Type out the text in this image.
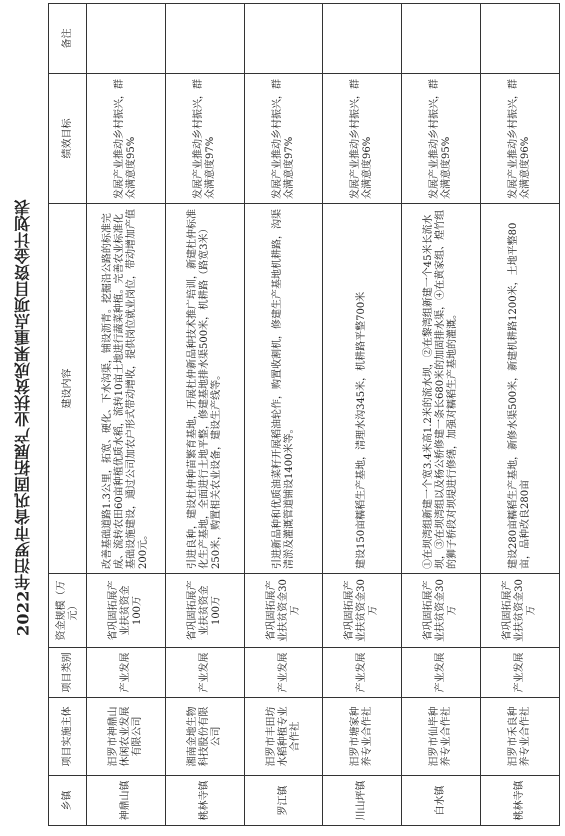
2022年汨罗市省巩固拓展产业扶贫成果重点项目资金计划表
乡镇	项目实施主体	项目类别	资金规模（万元）	建设内容	绩效目标	备注
神鼎山镇	汨罗市神鼎山休闲农业发展有限公司	产业发展	省巩固拓展产业扶贫资金100万	改善基础道路1.3公里，拓宽、硬化、下水沟渠，铺设沥青。挖掘沿公路的标准完成、流转农田60亩种植优质水稻，流转10亩土地进行蔬菜种植。完善农业标准化基础设施建设，通过公司加农户形式带动增收，提供岗位就业岗位，带动增加产值200元。	发展产业推动乡村振兴，群众满意度95%	
桃林寺镇	湘南金地生物科技股份有限公司	产业发展	省巩固拓展产业扶贫资金100万	引进良种，建设杜仲种苗繁育基地，开展杜仲新品种技术推广培训，新建杜仲标准化生产基地，全面进行土地平整，修建基地排水渠500米，机耕路（路宽3米）250米，购置相关农业设备，建设生产线等。	发展产业推动乡村振兴，群众满意度97%	
罗江镇	汨罗市丰田坊水稻种植专业合作社	产业发展	省巩固拓展产业扶贫资金30万	引进新品种和优质油菜籽开展稻油轮作，购置收割机，修建生产基地机耕路，沟渠清淤及灌溉管道铺设1400米等。	发展产业推动乡村振兴，群众满意度97%	
川山坪镇	汨罗市塘家种养专业合作社	产业发展	省巩固拓展产业扶贫资金30万	建设150亩糯稻生产基地，清理水沟345米，机耕路平整700米	发展产业推动乡村振兴，群众满意度96%	
白水镇	汨罗市仙毕种养专业合作社	产业发展	省巩固拓展产业扶贫资金30万	①在坝湾组新建一个宽3.4米高1.2米的流水坝，②在黎湾组新建一个45米长流水坝，③在坝湾组以及杨公桥修建一条长680米的加固排水渠，④在黄家组、煌竹组的狮子桥段对坝堤进行修缮，加强对糯稻生产基地的灌溉。	发展产业推动乡村振兴，群众满意度95%	
桃林寺镇	汨罗市禾良种养专业合作社	产业发展	省巩固拓展产业扶贫资金30万	建设280亩糯稻生产基地，新修水渠500米，新建机耕路1200米，土地平整80亩，品种改良280亩	发展产业推动乡村振兴，群众满意度96%	
